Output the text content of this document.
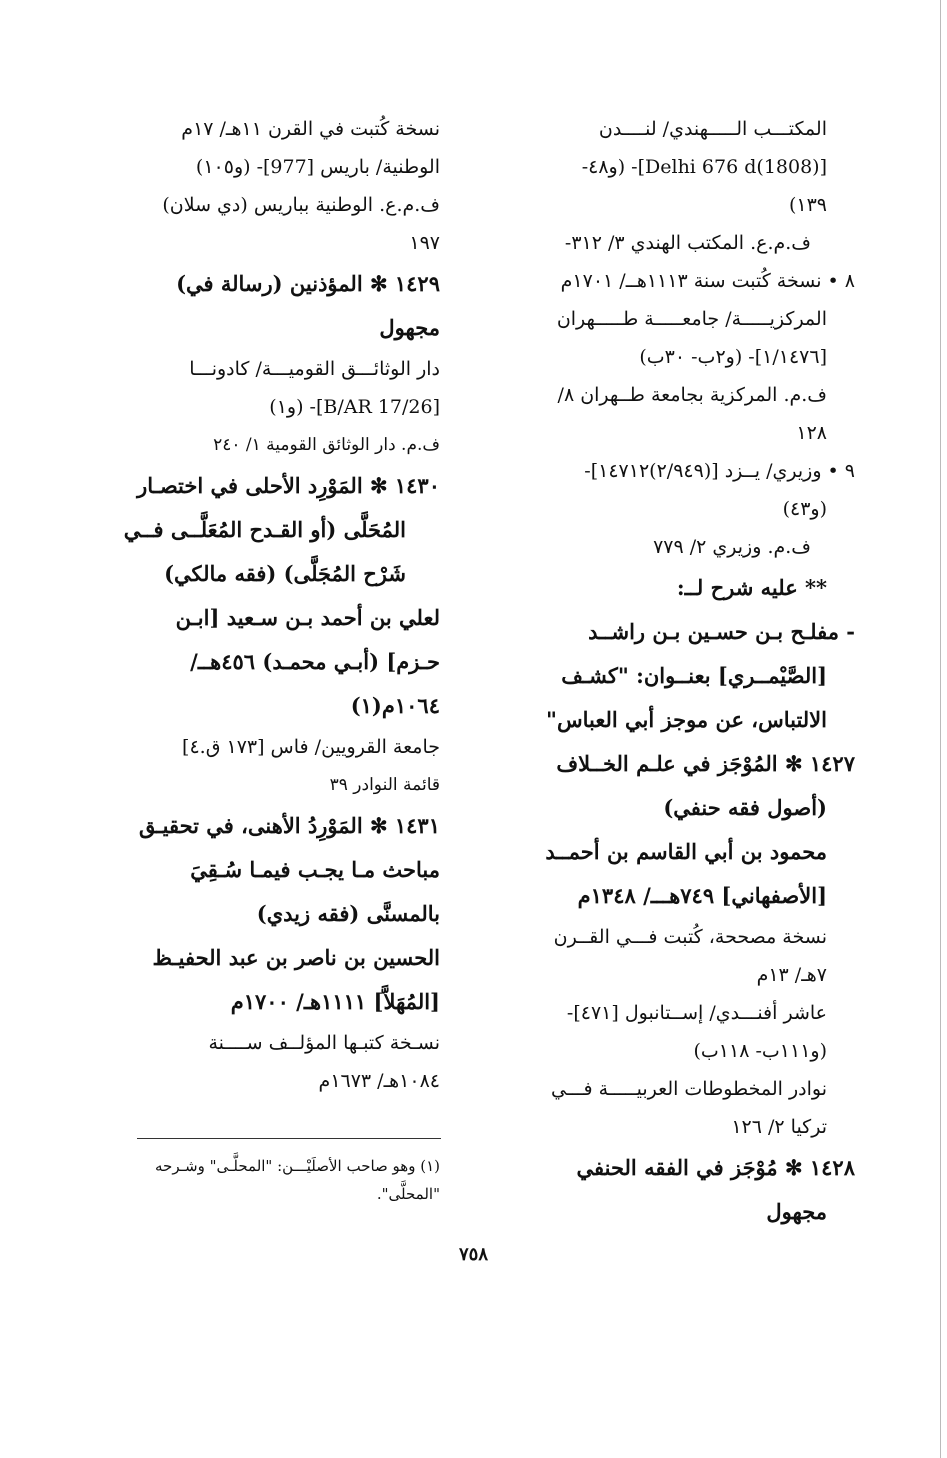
المكتـــب الـــــهندي/ لنــــدن
[(1808)Delhi 676 d]- (و٤٨-
١٣٩)
ف.م.ع. المكتب الهندي ٣/ ٣١٢-
٨ • نسخة كُتبت سنة ١١١٣هــ/ ١٧٠١م
المركزيـــــة/ جامعـــــة طـــــهران
[١/١٤٧٦]- (و٢ب- ٣٠ب)
ف.م. المركزية بجامعة طــهران ٨/
١٢٨
٩ • وزيري/ يــزد [(٢/٩٤٩)١٤٧١٢]-
(و٤٣)
ف.م. وزيري ٢/ ٧٧٩
** عليه شرح لــ:
- مفلـح بـن حسـين بـن راشــد
[الصَّيْمــري] بعنــوان: "كشـف
الالتباس، عن موجز أبي العباس"
١٤٢٧ ✻ المُوْجَز في علـم الخــلاف
(أصول فقه حنفي)
محمود بن أبي القاسم بن أحمــد
[الأصفهاني] ٧٤٩هـــ/ ١٣٤٨م
نسخة مصححة، كُتبت فـــي القــرن
٧هـ/ ١٣م
عاشر أفنـــدي/ إســتانبول [٤٧١]-
(و١١١ب- ١١٨ب)
نوادر المخطوطات العربيـــــة فـــي
تركيا ٢/ ١٢٦
١٤٢٨ ✻ مُوْجَز في الفقه الحنفي
مجهول
نسخة كُتبت في القرن ١١هـ/ ١٧م
الوطنية/ باريس [977]- (و١٠٥)
ف.م.ع. الوطنية بباريس (دي سلان)
١٩٧
١٤٢٩ ✻ المؤذنين (رسالة في)
مجهول
دار الوثائـــق القوميـــة/ كادونـــا
[B/AR 17/26]- (و١)
ف.م. دار الوثائق القومية ١/ ٢٤٠
١٤٣٠ ✻ المَوْرِد الأحلى في اختصـار
المُحَلَّى (أو القـدح المُعَلَّــى فــي
شَرْح المُجَلَّى) (فقه مالكي)
لعلي بن أحمد بـن سـعيد [ابـن
حـزم] (أبـي محمـد) ٤٥٦هــ/
١٠٦٤م(١)
جامعة القرويين/ فاس [١٧٣ ق.٤]
قائمة النوادر ٣٩
١٤٣١ ✻ المَوْرِدُ الأهنى، في تحقيـق
مباحث مـا يجـب فيمـا سُـقِيَ
بالمسنَّى (فقه زيدي)
الحسين بن ناصر بن عبد الحفيـظ
[المُهَلاَّ] ١١١١هـ/ ١٧٠٠م
نسـخة كتبـها المؤلــف ســــنة
١٠٨٤هـ/ ١٦٧٣م
(١) وهو صاحب الأصلَيْـــن: "المحلَّـى" وشـرحه "المحلَّى".
٧٥٨
